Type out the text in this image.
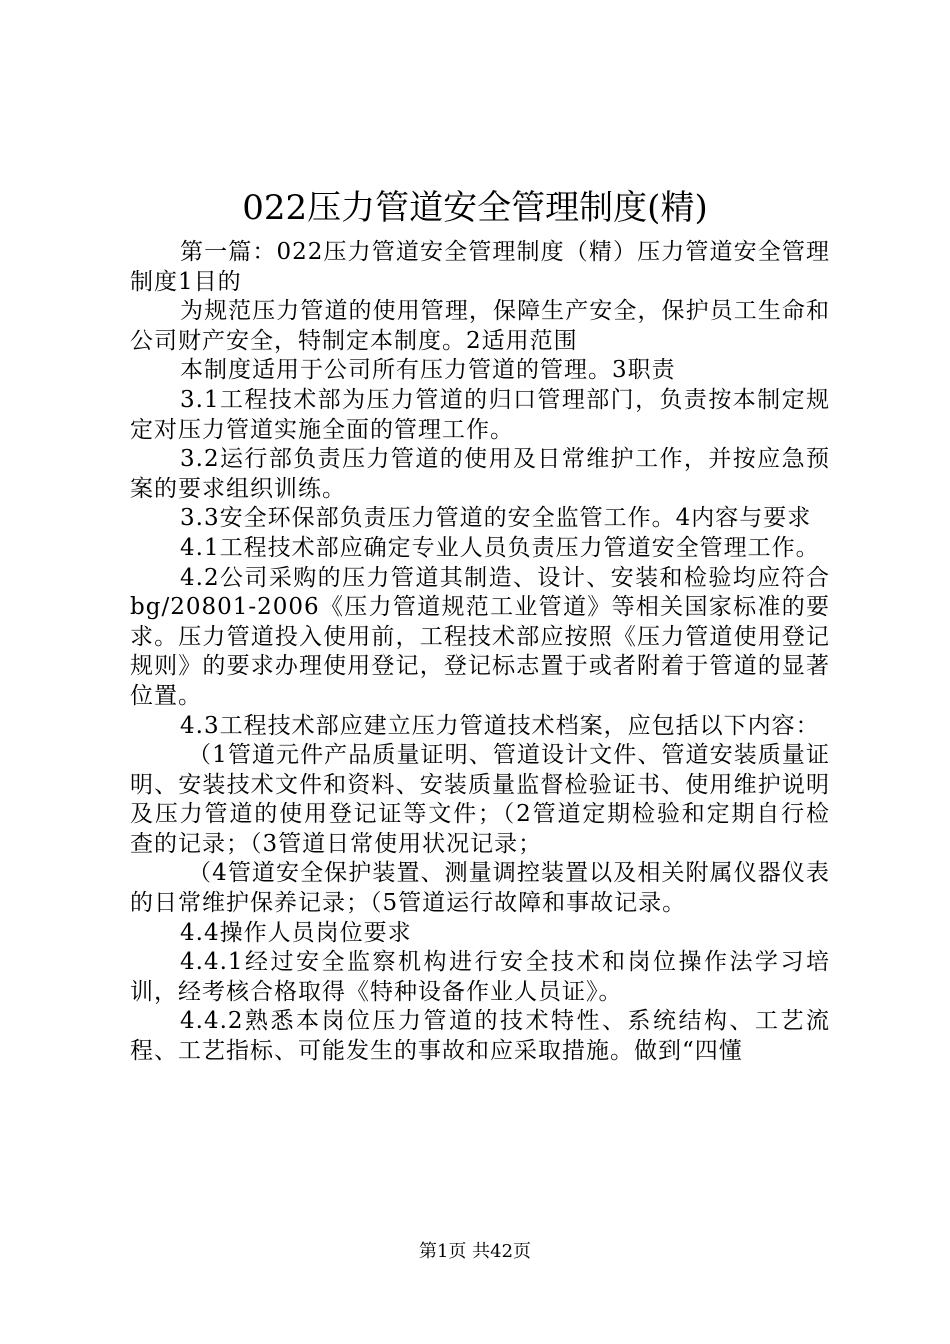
022压力管道安全管理制度(精)

第一篇：022压力管道安全管理制度（精）压力管道安全管理制度1目的

为规范压力管道的使用管理，保障生产安全，保护员工生命和公司财产安全，特制定本制度。2适用范围

本制度适用于公司所有压力管道的管理。3职责

3.1工程技术部为压力管道的归口管理部门，负责按本制定规定对压力管道实施全面的管理工作。

3.2运行部负责压力管道的使用及日常维护工作，并按应急预案的要求组织训练。

3.3安全环保部负责压力管道的安全监管工作。4内容与要求

4.1工程技术部应确定专业人员负责压力管道安全管理工作。

4.2公司采购的压力管道其制造、设计、安装和检验均应符合bg/20801-2006《压力管道规范工业管道》等相关国家标准的要求。压力管道投入使用前，工程技术部应按照《压力管道使用登记规则》的要求办理使用登记，登记标志置于或者附着于管道的显著位置。

4.3工程技术部应建立压力管道技术档案，应包括以下内容：

（1管道元件产品质量证明、管道设计文件、管道安装质量证明、安装技术文件和资料、安装质量监督检验证书、使用维护说明及压力管道的使用登记证等文件；（2管道定期检验和定期自行检查的记录；（3管道日常使用状况记录；

（4管道安全保护装置、测量调控装置以及相关附属仪器仪表的日常维护保养记录；（5管道运行故障和事故记录。

4.4操作人员岗位要求

4.4.1经过安全监察机构进行安全技术和岗位操作法学习培训，经考核合格取得《特种设备作业人员证》。

4.4.2熟悉本岗位压力管道的技术特性、系统结构、工艺流程、工艺指标、可能发生的事故和应采取措施。做到“四懂

第1页 共42页
